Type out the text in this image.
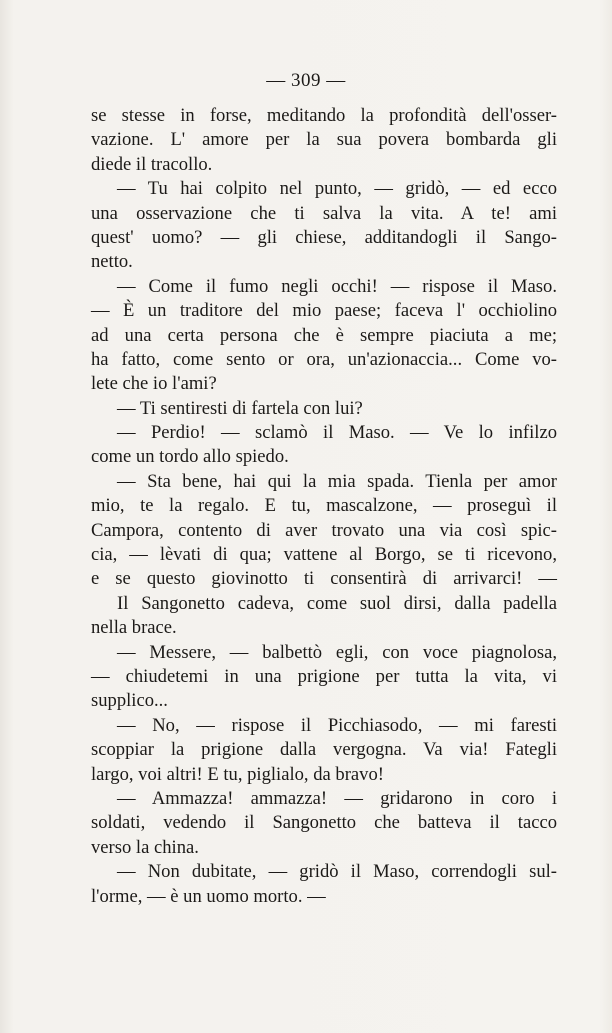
— 309 —
se stesse in forse, meditando la profondità dell'osser-
vazione. L' amore per la sua povera bombarda gli
diede il tracollo.
— Tu hai colpito nel punto, — gridò, — ed ecco
una osservazione che ti salva la vita. A te! ami
quest' uomo? — gli chiese, additandogli il Sango-
netto.
— Come il fumo negli occhi! — rispose il Maso.
— È un traditore del mio paese; faceva l' occhiolino
ad una certa persona che è sempre piaciuta a me;
ha fatto, come sento or ora, un'azionaccia... Come vo-
lete che io l'ami?
— Ti sentiresti di fartela con lui?
— Perdio! — sclamò il Maso. — Ve lo infilzo
come un tordo allo spiedo.
— Sta bene, hai qui la mia spada. Tienla per amor
mio, te la regalo. E tu, mascalzone, — proseguì il
Campora, contento di aver trovato una via così spic-
cia, — lèvati di qua; vattene al Borgo, se ti ricevono,
e se questo giovinotto ti consentirà di arrivarci! —
Il Sangonetto cadeva, come suol dirsi, dalla padella
nella brace.
— Messere, — balbettò egli, con voce piagnolosa,
— chiudetemi in una prigione per tutta la vita, vi
supplico...
— No, — rispose il Picchiasodo, — mi faresti
scoppiar la prigione dalla vergogna. Va via! Fategli
largo, voi altri! E tu, piglialo, da bravo!
— Ammazza! ammazza! — gridarono in coro i
soldati, vedendo il Sangonetto che batteva il tacco
verso la china.
— Non dubitate, — gridò il Maso, correndogli sul-
l'orme, — è un uomo morto. —
